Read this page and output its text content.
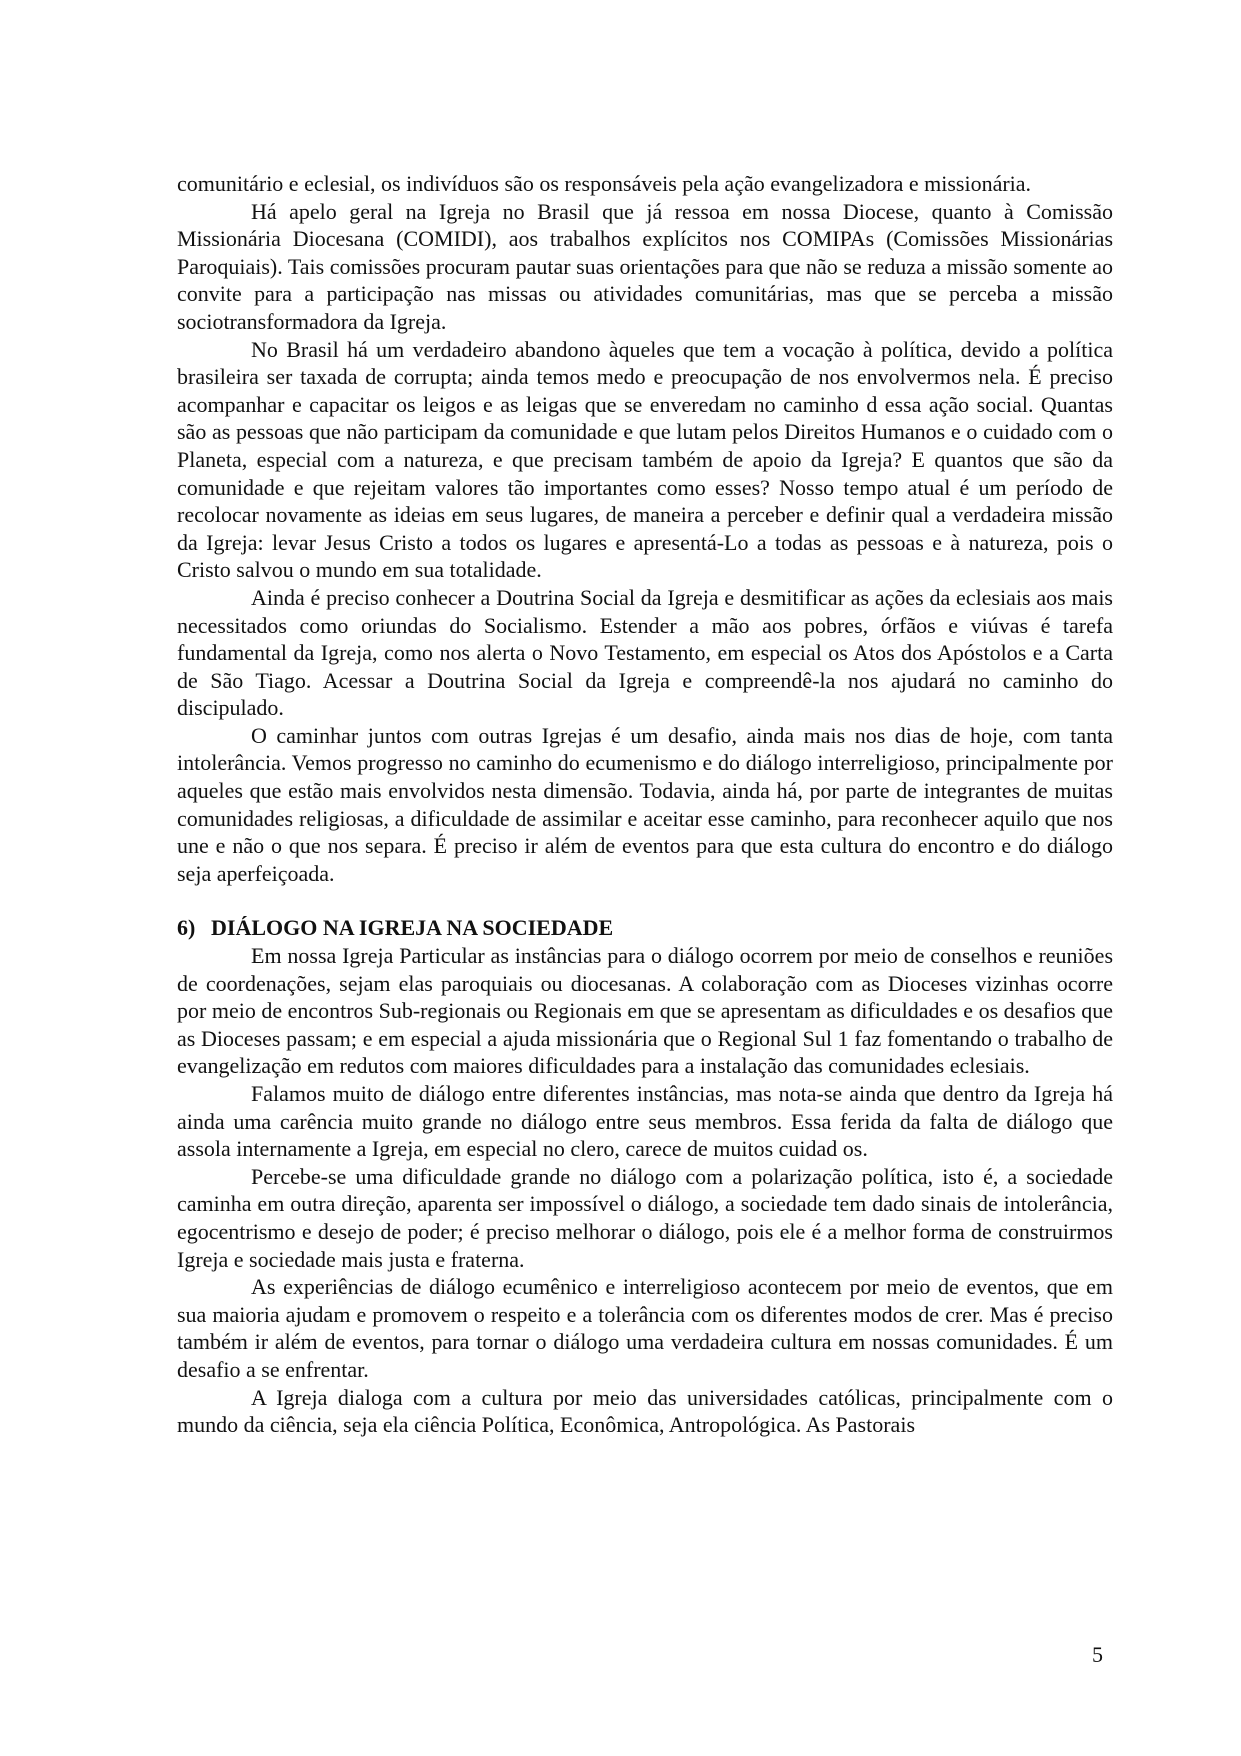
comunitário e eclesial, os indivíduos são os responsáveis pela ação evangelizadora e missionária.

Há apelo geral na Igreja no Brasil que já ressoa em nossa Diocese, quanto à Comissão Missionária Diocesana (COMIDI), aos trabalhos explícitos nos COMIPAs (Comissões Missionárias Paroquiais). Tais comissões procuram pautar suas orientações para que não se reduza a missão somente ao convite para a participação nas missas ou atividades comunitárias, mas que se perceba a missão sociotransformadora da Igreja.

No Brasil há um verdadeiro abandono àqueles que tem a vocação à política, devido a política brasileira ser taxada de corrupta; ainda temos medo e preocupação de nos envolvermos nela. É preciso acompanhar e capacitar os leigos e as leigas que se enveredam no caminho d essa ação social. Quantas são as pessoas que não participam da comunidade e que lutam pelos Direitos Humanos e o cuidado com o Planeta, especial com a natureza, e que precisam também de apoio da Igreja? E quantos que são da comunidade e que rejeitam valores tão importantes como esses? Nosso tempo atual é um período de recolocar novamente as ideias em seus lugares, de maneira a perceber e definir qual a verdadeira missão da Igreja: levar Jesus Cristo a todos os lugares e apresentá-Lo a todas as pessoas e à natureza, pois o Cristo salvou o mundo em sua totalidade.

Ainda é preciso conhecer a Doutrina Social da Igreja e desmitificar as ações da eclesiais aos mais necessitados como oriundas do Socialismo. Estender a mão aos pobres, órfãos e viúvas é tarefa fundamental da Igreja, como nos alerta o Novo Testamento, em especial os Atos dos Apóstolos e a Carta de São Tiago. Acessar a Doutrina Social da Igreja e compreendê-la nos ajudará no caminho do discipulado.

O caminhar juntos com outras Igrejas é um desafio, ainda mais nos dias de hoje, com tanta intolerância. Vemos progresso no caminho do ecumenismo e do diálogo interreligioso, principalmente por aqueles que estão mais envolvidos nesta dimensão. Todavia, ainda há, por parte de integrantes de muitas comunidades religiosas, a dificuldade de assimilar e aceitar esse caminho, para reconhecer aquilo que nos une e não o que nos separa. É preciso ir além de eventos para que esta cultura do encontro e do diálogo seja aperfeiçoada.

6) DIÁLOGO NA IGREJA NA SOCIEDADE

Em nossa Igreja Particular as instâncias para o diálogo ocorrem por meio de conselhos e reuniões de coordenações, sejam elas paroquiais ou diocesanas. A colaboração com as Dioceses vizinhas ocorre por meio de encontros Sub-regionais ou Regionais em que se apresentam as dificuldades e os desafios que as Dioceses passam; e em especial a ajuda missionária que o Regional Sul 1 faz fomentando o trabalho de evangelização em redutos com maiores dificuldades para a instalação das comunidades eclesiais.

Falamos muito de diálogo entre diferentes instâncias, mas nota-se ainda que dentro da Igreja há ainda uma carência muito grande no diálogo entre seus membros. Essa ferida da falta de diálogo que assola internamente a Igreja, em especial no clero, carece de muitos cuidad os.

Percebe-se uma dificuldade grande no diálogo com a polarização política, isto é, a sociedade caminha em outra direção, aparenta ser impossível o diálogo, a sociedade tem dado sinais de intolerância, egocentrismo e desejo de poder; é preciso melhorar o diálogo, pois ele é a melhor forma de construirmos Igreja e sociedade mais justa e fraterna.

As experiências de diálogo ecumênico e interreligioso acontecem por meio de eventos, que em sua maioria ajudam e promovem o respeito e a tolerância com os diferentes modos de crer. Mas é preciso também ir além de eventos, para tornar o diálogo uma verdadeira cultura em nossas comunidades. É um desafio a se enfrentar.

A Igreja dialoga com a cultura por meio das universidades católicas, principalmente com o mundo da ciência, seja ela ciência Política, Econômica, Antropológica. As Pastorais

5
